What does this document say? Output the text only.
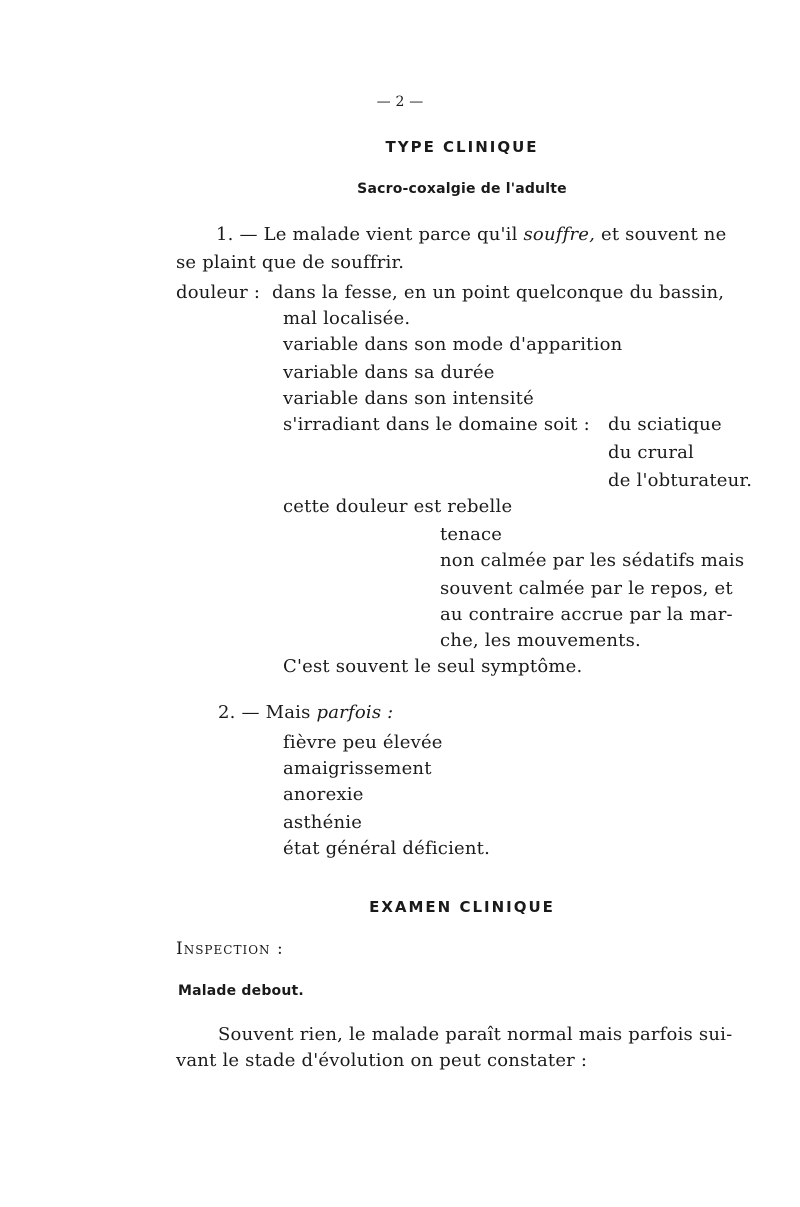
— 2 —
TYPE CLINIQUE
Sacro-coxalgie de l'adulte
1. — Le malade vient parce qu'il souffre, et souvent ne
se plaint que de souffrir.
douleur : dans la fesse, en un point quelconque du bassin,
mal localisée.
variable dans son mode d'apparition
variable dans sa durée
variable dans son intensité
s'irradiant dans le domaine soit : du sciatique
du crural
de l'obturateur.
cette douleur est rebelle
tenace
non calmée par les sédatifs mais
souvent calmée par le repos, et
au contraire accrue par la mar-
che, les mouvements.
C'est souvent le seul symptôme.
2. — Mais parfois :
fièvre peu élevée
amaigrissement
anorexie
asthénie
état général déficient.
EXAMEN CLINIQUE
Inspection :
Malade debout.
Souvent rien, le malade paraît normal mais parfois sui-
vant le stade d'évolution on peut constater :
